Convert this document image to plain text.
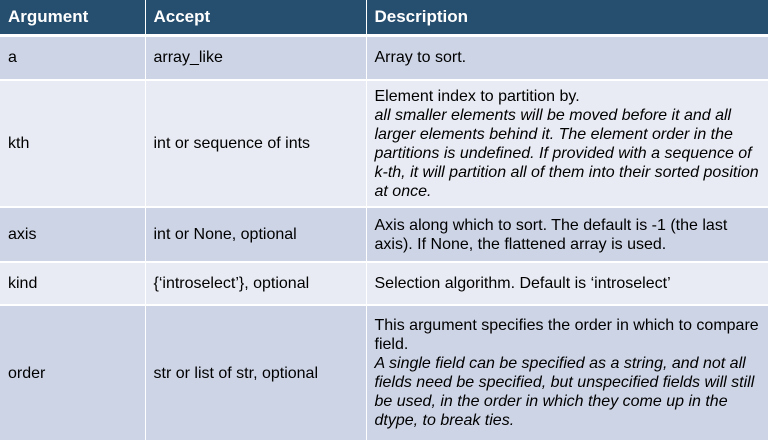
Argument	Accept	Description
a	array_like	Array to sort.

kth	int or sequence of ints	Element index to partition by.
all smaller elements will be moved before it and all larger elements behind it. The element order in the partitions is undefined. If provided with a sequence of k-th, it will partition all of them into their sorted position at once.

axis	int or None, optional	Axis along which to sort. The default is -1 (the last axis). If None, the flattened array is used.

kind	{‘introselect’}, optional	Selection algorithm. Default is ‘introselect’

order	str or list of str, optional	This argument specifies the order in which to compare field.
A single field can be specified as a string, and not all fields need be specified, but unspecified fields will still be used, in the order in which they come up in the dtype, to break ties.
